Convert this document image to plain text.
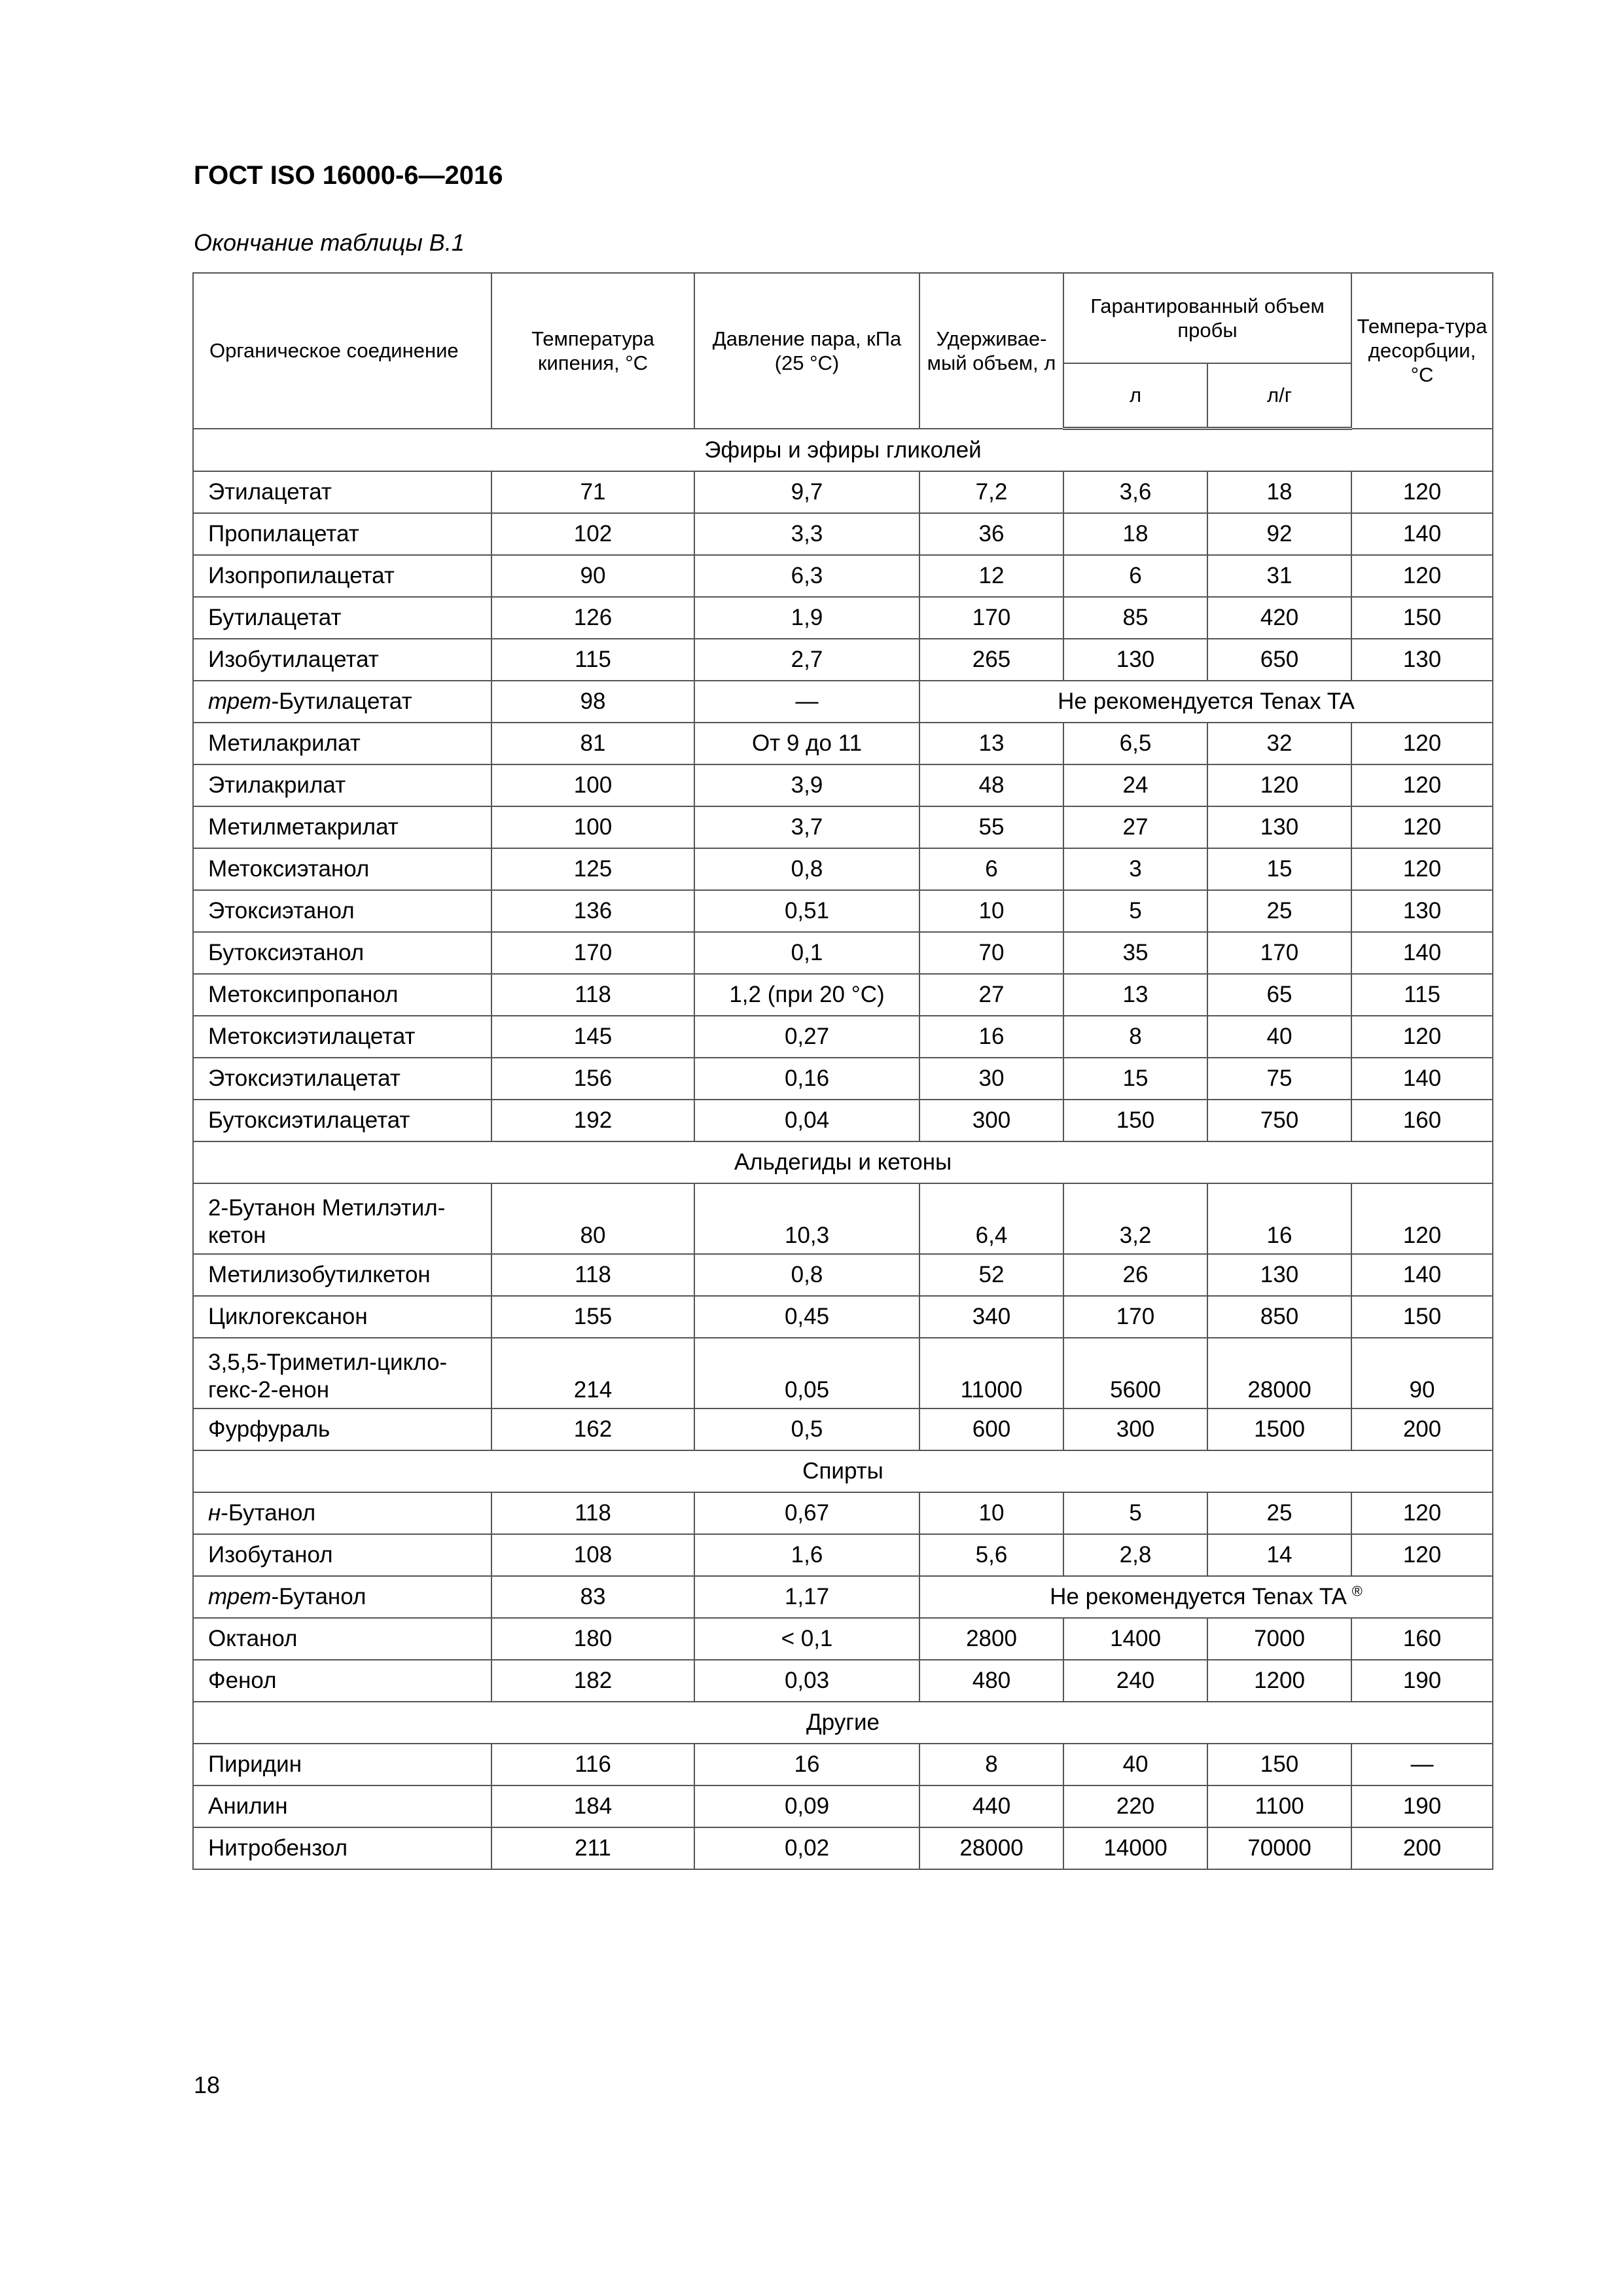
ГОСТ ISO 16000-6—2016
Окончание таблицы В.1
Органическое соединение	Температура кипения, °С	Давление пара, кПа (25 °С)	Удерживае-мый объем, л	Гарантированный объем пробы		Темпера-тура десорбции, °С
				л	л/г	
Эфиры и эфиры гликолей						
Этилацетат	71	9,7	7,2	3,6	18	120
Пропилацетат	102	3,3	36	18	92	140
Изопропилацетат	90	6,3	12	6	31	120
Бутилацетат	126	1,9	170	85	420	150
Изобутилацетат	115	2,7	265	130	650	130
трет-Бутилацетат	98	—	Не рекомендуется Tenax TA			
Метилакрилат	81	От 9 до 11	13	6,5	32	120
Этилакрилат	100	3,9	48	24	120	120
Метилметакрилат	100	3,7	55	27	130	120
Метоксиэтанол	125	0,8	6	3	15	120
Этоксиэтанол	136	0,51	10	5	25	130
Бутоксиэтанол	170	0,1	70	35	170	140
Метоксипропанол	118	1,2 (при 20 °С)	27	13	65	115
Метоксиэтилацетат	145	0,27	16	8	40	120
Этоксиэтилацетат	156	0,16	30	15	75	140
Бутоксиэтилацетат	192	0,04	300	150	750	160
Альдегиды и кетоны						
2-Бутанон Метилэтил-кетон	80	10,3	6,4	3,2	16	120
Метилизобутилкетон	118	0,8	52	26	130	140
Циклогексанон	155	0,45	340	170	850	150
3,5,5-Триметил-цикло-гекс-2-енон	214	0,05	11000	5600	28000	90
Фурфураль	162	0,5	600	300	1500	200
Спирты						
н-Бутанол	118	0,67	10	5	25	120
Изобутанол	108	1,6	5,6	2,8	14	120
трет-Бутанол	83	1,17	Не рекомендуется Tenax TA ®
Октанол	180	< 0,1	2800	1400	7000	160
Фенол	182	0,03	480	240	1200	190
Другие						
Пиридин	116	16	8	40	150	—
Анилин	184	0,09	440	220	1100	190
Нитробензол	211	0,02	28000	14000	70000	200
18
